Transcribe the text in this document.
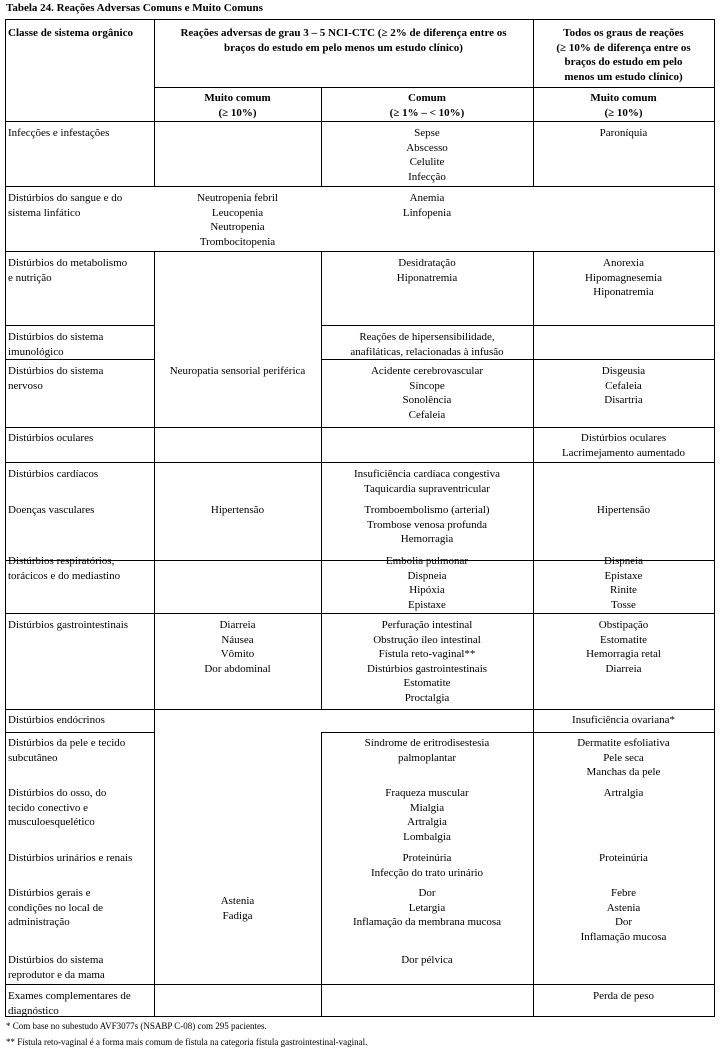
Tabela 24. Reações Adversas Comuns e Muito Comuns
Classe de sistema orgânico	Reações adversas de grau 3 – 5 NCI-CTC (≥ 2% de diferença entre os
braços do estudo em pelo menos um estudo clínico)
Todos os graus de reações
(≥ 10% de diferença entre os
braços do estudo em pelo
menos um estudo clínico)
Muito comum
(≥ 10%)
Comum
(≥ 1% – < 10%)
Muito comum
(≥ 10%)
Infecções e infestações
Distúrbios do sangue e do
sistema linfático
Distúrbios do metabolismo
e nutrição
Distúrbios do sistema
imunológico
Distúrbios do sistema
nervoso
Distúrbios oculares
Distúrbios cardíacos
Doenças vasculares
Distúrbios respiratórios,
torácicos e do mediastino
Distúrbios gastrointestinais
Distúrbios endócrinos
Distúrbios da pele e tecido
subcutâneo
Distúrbios do osso, do
tecido conectivo e
musculoesquelético
Distúrbios urinários e renais
Distúrbios gerais e
condições no local de
administração
Distúrbios do sistema
reprodutor e da mama
Exames complementares de
diagnóstico
Neutropenia febril
Leucopenia
Neutropenia
Trombocitopenia
Neuropatia sensorial periférica
Hipertensão
Diarreia
Náusea
Vômito
Dor abdominal
Astenia
Fadiga
Sepse
Abscesso
Celulite
Infecção
Anemia
Linfopenia
Desidratação
Hiponatremia
Reações de hipersensibilidade,
anafiláticas, relacionadas à infusão
Acidente cerebrovascular
Síncope
Sonolência
Cefaleia
Insuficiência cardíaca congestiva
Taquicardia supraventricular
Tromboembolismo (arterial)
Trombose venosa profunda
Hemorragia
Embolia pulmonar
Dispneia
Hipóxia
Epistaxe
Perfuração intestinal
Obstrução íleo intestinal
Fístula reto-vaginal**
Distúrbios gastrointestinais
Estomatite
Proctalgia
Síndrome de eritrodisestesia
palmoplantar
Fraqueza muscular
Mialgia
Artralgia
Lombalgia
Proteinúria
Infecção do trato urinário
Dor
Letargia
Inflamação da membrana mucosa
Dor pélvica
Paroníquia
Anorexia
Hipomagnesemia
Hiponatremia
Disgeusia
Cefaleia
Disartria
Distúrbios oculares
Lacrimejamento aumentado
Hipertensão
Dispneia
Epistaxe
Rinite
Tosse
Obstipação
Estomatite
Hemorragia retal
Diarreia
Insuficiência ovariana*
Dermatite esfoliativa
Pele seca
Manchas da pele
Artralgia
Proteinúria
Febre
Astenia
Dor
Inflamação mucosa
Perda de peso
* Com base no subestudo AVF3077s (NSABP C-08) com 295 pacientes.
** Fístula reto-vaginal é a forma mais comum de fístula na categoria fístula gastrointestinal-vaginal.
